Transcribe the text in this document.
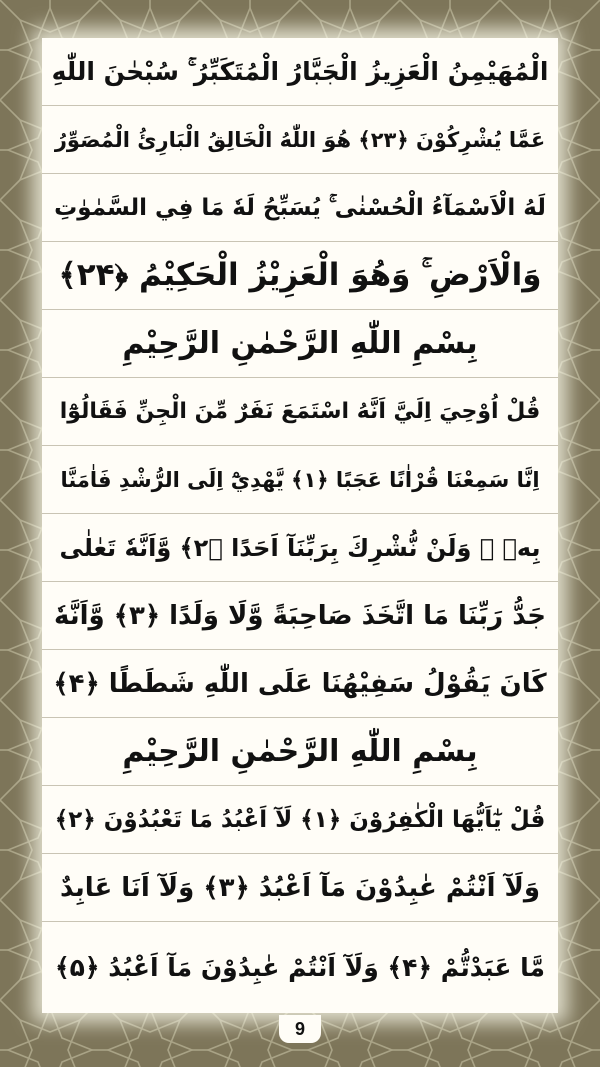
الْمُهَيْمِنُ الْعَزِيزُ الْجَبَّارُ الْمُتَكَبِّرُ ۚ سُبْحٰنَ اللّٰهِ
عَمَّا يُشْرِكُوْنَ ﴿۲۳﴾ هُوَ اللّٰهُ الْخَالِقُ الْبَارِئُ الْمُصَوِّرُ
لَهُ الْاَسْمَآءُ الْحُسْنٰى ۚ يُسَبِّحُ لَهٗ مَا فِي السَّمٰوٰتِ
وَالْاَرْضِ ۚ وَهُوَ الْعَزِيْزُ الْحَكِيْمُ ﴿۲۴﴾
بِسْمِ اللّٰهِ الرَّحْمٰنِ الرَّحِيْمِ
قُلْ اُوْحِيَ اِلَيَّ اَنَّهُ اسْتَمَعَ نَفَرٌ مِّنَ الْجِنِّ فَقَالُوْٓا
اِنَّا سَمِعْنَا قُرْاٰنًا عَجَبًا ﴿۱﴾ يَّهْدِيْٓ اِلَى الرُّشْدِ فَاٰمَنَّا
بِهٖ ۚ وَلَنْ نُّشْرِكَ بِرَبِّنَآ اَحَدًا ﴿۲﴾ وَّاَنَّهٗ تَعٰلٰى
جَدُّ رَبِّنَا مَا اتَّخَذَ صَاحِبَةً وَّلَا وَلَدًا ﴿۳﴾ وَّاَنَّهٗ
كَانَ يَقُوْلُ سَفِيْهُنَا عَلَى اللّٰهِ شَطَطًا ﴿۴﴾
بِسْمِ اللّٰهِ الرَّحْمٰنِ الرَّحِيْمِ
قُلْ يٰٓاَيُّهَا الْكٰفِرُوْنَ ﴿۱﴾ لَآ اَعْبُدُ مَا تَعْبُدُوْنَ ﴿۲﴾
وَلَآ اَنْتُمْ عٰبِدُوْنَ مَآ اَعْبُدُ ﴿۳﴾ وَلَآ اَنَا عَابِدٌ
مَّا عَبَدْتُّمْ ﴿۴﴾ وَلَآ اَنْتُمْ عٰبِدُوْنَ مَآ اَعْبُدُ ﴿۵﴾
9
